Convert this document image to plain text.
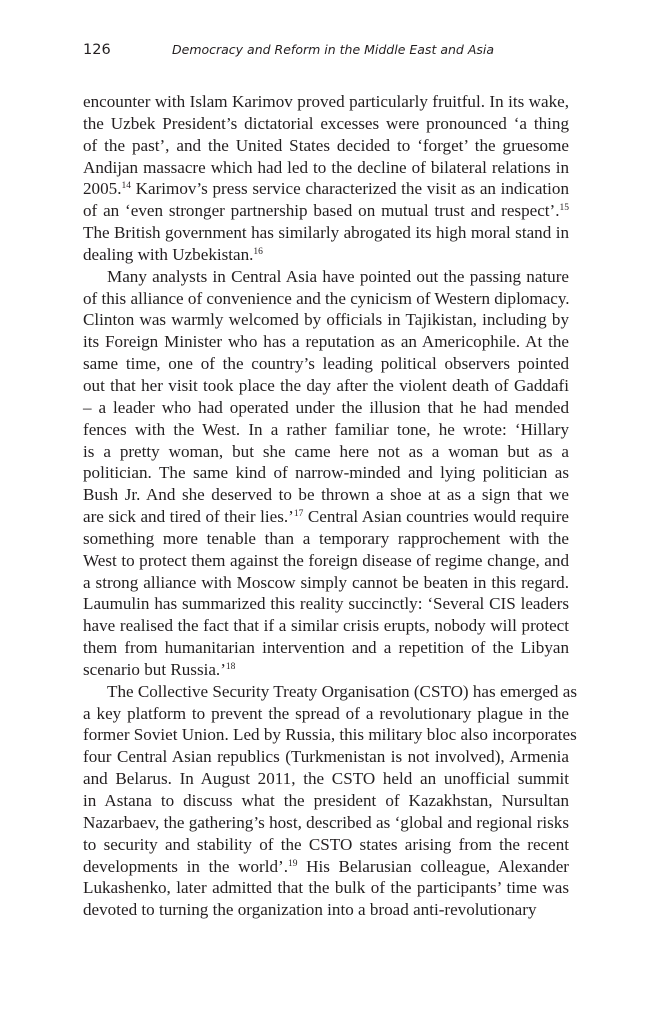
126	Democracy and Reform in the Middle East and Asia

encounter with Islam Karimov proved particularly fruitful. In its wake,
the Uzbek President’s dictatorial excesses were pronounced ‘a thing
of the past’, and the United States decided to ‘forget’ the gruesome
Andijan massacre which had led to the decline of bilateral relations in
2005.14 Karimov’s press service characterized the visit as an indication
of an ‘even stronger partnership based on mutual trust and respect’.$^{15}$
The British government has similarly abrogated its high moral stand in
dealing with Uzbekistan.$^{16}$

Many analysts in Central Asia have pointed out the passing nature
of this alliance of convenience and the cynicism of Western diplomacy.
Clinton was warmly welcomed by officials in Tajikistan, including by
its Foreign Minister who has a reputation as an Americophile. At the
same time, one of the country’s leading political observers pointed
out that her visit took place the day after the violent death of Gaddafi
– a leader who had operated under the illusion that he had mended
fences with the West. In a rather familiar tone, he wrote: ‘Hillary
is a pretty woman, but she came here not as a woman but as a
politician. The same kind of narrow-minded and lying politician as
Bush Jr. And she deserved to be thrown a shoe at as a sign that we
are sick and tired of their lies.’$^{17}$ Central Asian countries would require
something more tenable than a temporary rapprochement with the
West to protect them against the foreign disease of regime change, and
a strong alliance with Moscow simply cannot be beaten in this regard.
Laumulin has summarized this reality succinctly: ‘Several CIS leaders
have realised the fact that if a similar crisis erupts, nobody will protect
them from humanitarian intervention and a repetition of the Libyan
scenario but Russia.’$^{18}$

The Collective Security Treaty Organisation (CSTO) has emerged as
a key platform to prevent the spread of a revolutionary plague in the
former Soviet Union. Led by Russia, this military bloc also incorporates
four Central Asian republics (Turkmenistan is not involved), Armenia
and Belarus. In August 2011, the CSTO held an unofficial summit
in Astana to discuss what the president of Kazakhstan, Nursultan
Nazarbaev, the gathering’s host, described as ‘global and regional risks
to security and stability of the CSTO states arising from the recent
developments in the world’.$^{19}$ His Belarusian colleague, Alexander
Lukashenko, later admitted that the bulk of the participants’ time was
devoted to turning the organization into a broad anti-revolutionary
